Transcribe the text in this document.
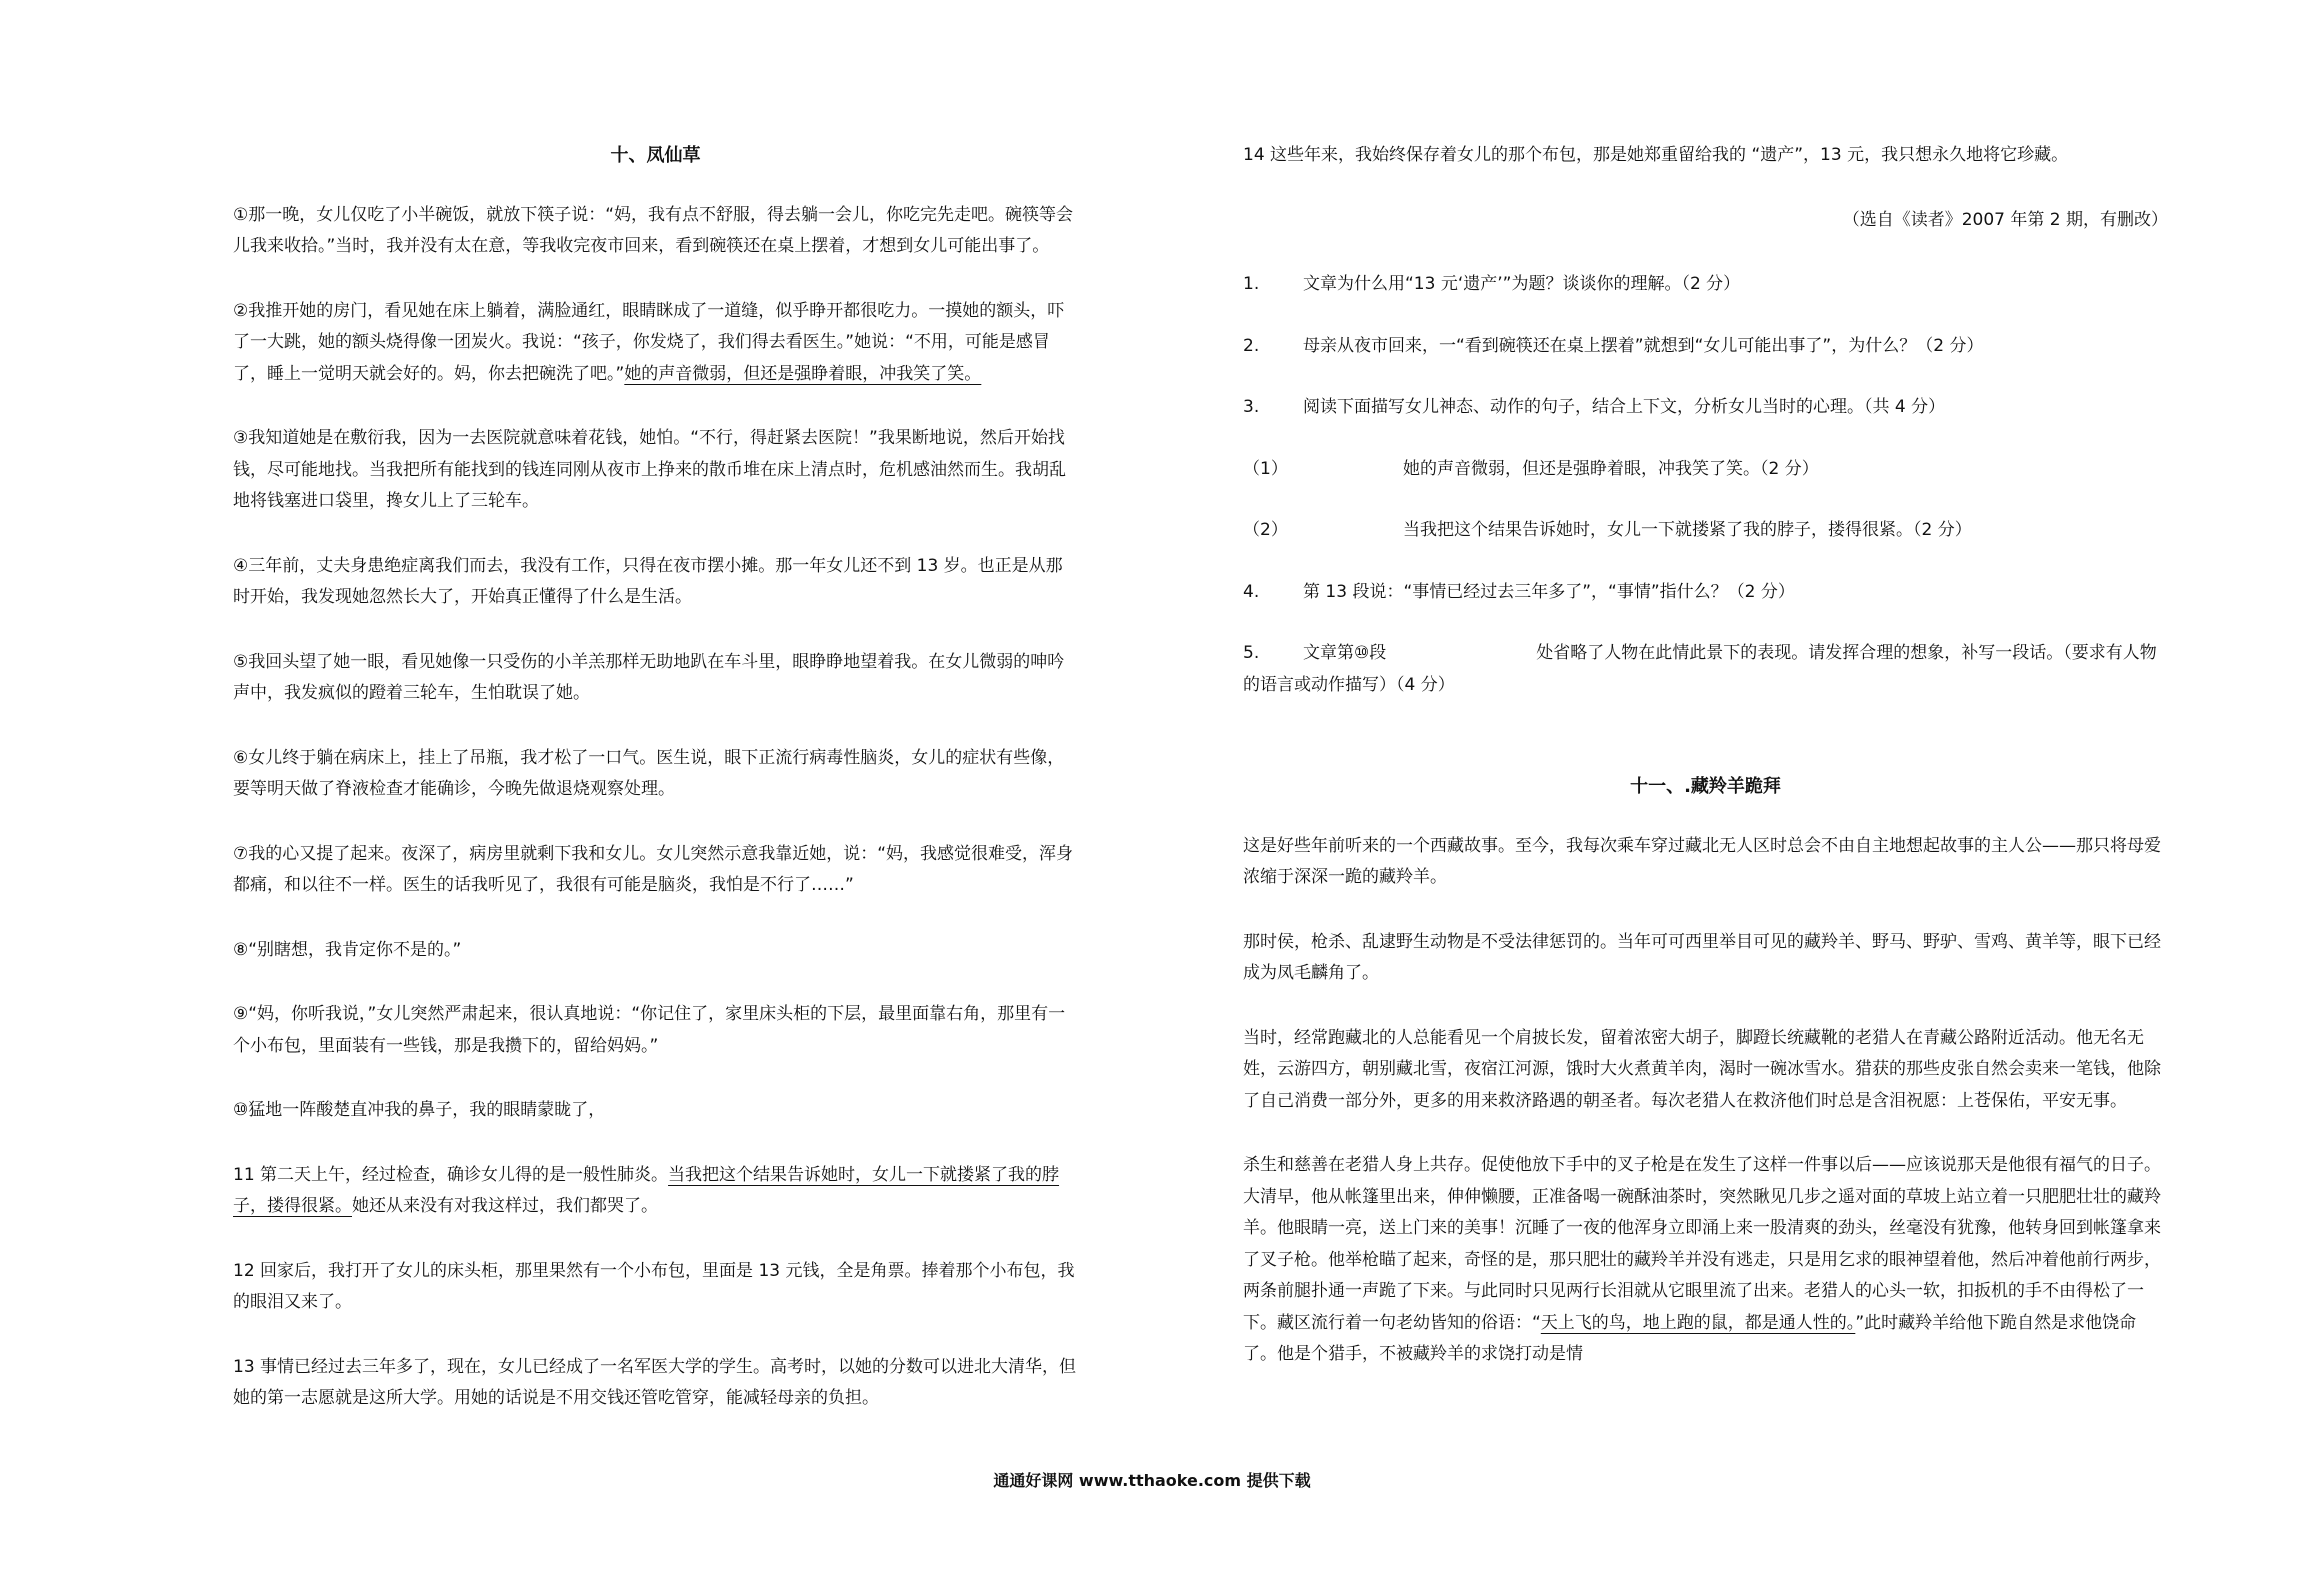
十、凤仙草
①那一晚，女儿仅吃了小半碗饭，就放下筷子说：“妈，我有点不舒服，得去躺一会儿，你吃完先走吧。碗筷等会儿我来收拾。”当时，我并没有太在意，等我收完夜市回来，看到碗筷还在桌上摆着，才想到女儿可能出事了。
②我推开她的房门，看见她在床上躺着，满脸通红，眼睛眯成了一道缝，似乎睁开都很吃力。一摸她的额头，吓了一大跳，她的额头烧得像一团炭火。我说：“孩子，你发烧了，我们得去看医生。”她说：“不用，可能是感冒了，睡上一觉明天就会好的。妈，你去把碗洗了吧。”她的声音微弱，但还是强睁着眼，冲我笑了笑。
③我知道她是在敷衍我，因为一去医院就意味着花钱，她怕。“不行，得赶紧去医院！”我果断地说，然后开始找钱，尽可能地找。当我把所有能找到的钱连同刚从夜市上挣来的散币堆在床上清点时，危机感油然而生。我胡乱地将钱塞进口袋里，搀女儿上了三轮车。
④三年前，丈夫身患绝症离我们而去，我没有工作，只得在夜市摆小摊。那一年女儿还不到 13 岁。也正是从那时开始，我发现她忽然长大了，开始真正懂得了什么是生活。
⑤我回头望了她一眼，看见她像一只受伤的小羊羔那样无助地趴在车斗里，眼睁睁地望着我。在女儿微弱的呻吟声中，我发疯似的蹬着三轮车，生怕耽误了她。
⑥女儿终于躺在病床上，挂上了吊瓶，我才松了一口气。医生说，眼下正流行病毒性脑炎，女儿的症状有些像，要等明天做了脊液检查才能确诊，今晚先做退烧观察处理。
⑦我的心又提了起来。夜深了，病房里就剩下我和女儿。女儿突然示意我靠近她，说：“妈，我感觉很难受，浑身都痛，和以往不一样。医生的话我听见了，我很有可能是脑炎，我怕是不行了……”
⑧“别瞎想，我肯定你不是的。”
⑨“妈，你听我说，”女儿突然严肃起来，很认真地说：“你记住了，家里床头柜的下层，最里面靠右角，那里有一个小布包，里面装有一些钱，那是我攒下的，留给妈妈。”
⑩猛地一阵酸楚直冲我的鼻子，我的眼睛蒙眬了，
11 第二天上午，经过检查，确诊女儿得的是一般性肺炎。当我把这个结果告诉她时，女儿一下就搂紧了我的脖子，搂得很紧。她还从来没有对我这样过，我们都哭了。
12 回家后，我打开了女儿的床头柜，那里果然有一个小布包，里面是 13 元钱，全是角票。捧着那个小布包，我的眼泪又来了。
13 事情已经过去三年多了，现在，女儿已经成了一名军医大学的学生。高考时，以她的分数可以进北大清华，但她的第一志愿就是这所大学。用她的话说是不用交钱还管吃管穿，能减轻母亲的负担。
14 这些年来，我始终保存着女儿的那个布包，那是她郑重留给我的 “遗产”，13 元，我只想永久地将它珍藏。
（选自《读者》2007 年第 2 期，有删改）
1.	文章为什么用“13 元‘遗产’”为题？谈谈你的理解。（2 分）
2.	母亲从夜市回来，一“看到碗筷还在桌上摆着”就想到“女儿可能出事了”，为什么？（2 分）
3.	阅读下面描写女儿神态、动作的句子，结合上下文，分析女儿当时的心理。（共 4 分）
（1）	她的声音微弱，但还是强睁着眼，冲我笑了笑。（2 分）
（2）	当我把这个结果告诉她时，女儿一下就搂紧了我的脖子，搂得很紧。（2 分）
4.	第 13 段说：“事情已经过去三年多了”，“事情”指什么？（2 分）
5.	文章第⑩段	处省略了人物在此情此景下的表现。请发挥合理的想象，补写一段话。（要求有人物的语言或动作描写）（4 分）
十一、.藏羚羊跪拜
这是好些年前听来的一个西藏故事。至今，我每次乘车穿过藏北无人区时总会不由自主地想起故事的主人公——那只将母爱浓缩于深深一跪的藏羚羊。
那时侯，枪杀、乱逮野生动物是不受法律惩罚的。当年可可西里举目可见的藏羚羊、野马、野驴、雪鸡、黄羊等，眼下已经成为凤毛麟角了。
当时，经常跑藏北的人总能看见一个肩披长发，留着浓密大胡子，脚蹬长统藏靴的老猎人在青藏公路附近活动。他无名无姓，云游四方，朝别藏北雪，夜宿江河源，饿时大火煮黄羊肉，渴时一碗冰雪水。猎获的那些皮张自然会卖来一笔钱，他除了自己消费一部分外，更多的用来救济路遇的朝圣者。每次老猎人在救济他们时总是含泪祝愿：上苍保佑，平安无事。
杀生和慈善在老猎人身上共存。促使他放下手中的叉子枪是在发生了这样一件事以后——应该说那天是他很有福气的日子。大清早，他从帐篷里出来，伸伸懒腰，正准备喝一碗酥油茶时，突然瞅见几步之遥对面的草坡上站立着一只肥肥壮壮的藏羚羊。他眼睛一亮，送上门来的美事！沉睡了一夜的他浑身立即涌上来一股清爽的劲头，丝毫没有犹豫，他转身回到帐篷拿来了叉子枪。他举枪瞄了起来，奇怪的是，那只肥壮的藏羚羊并没有逃走，只是用乞求的眼神望着他，然后冲着他前行两步，两条前腿扑通一声跪了下来。与此同时只见两行长泪就从它眼里流了出来。老猎人的心头一软，扣扳机的手不由得松了一下。藏区流行着一句老幼皆知的俗语：“天上飞的鸟，地上跑的鼠，都是通人性的。”此时藏羚羊给他下跪自然是求他饶命了。他是个猎手，不被藏羚羊的求饶打动是情
通通好课网 www.tthaoke.com 提供下载
